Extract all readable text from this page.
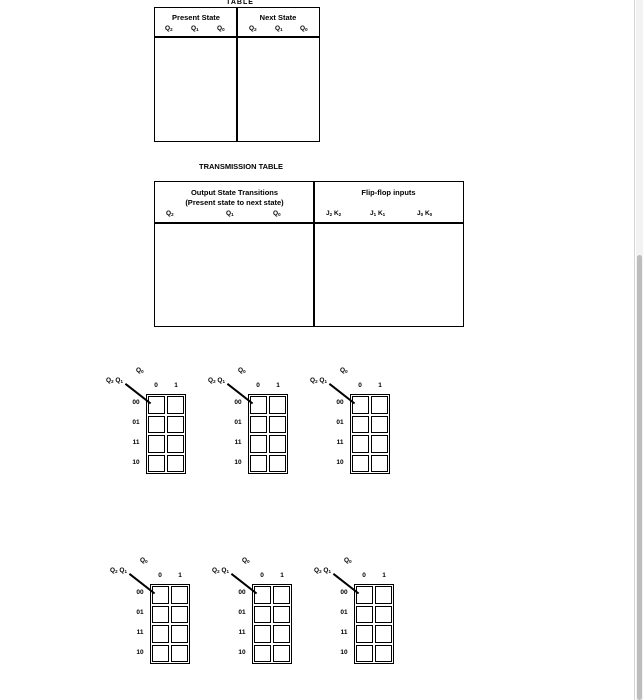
TABLE
Present State	Next State
$Q_2$	$Q_1$	$Q_0$	$Q_2$	$Q_1$	$Q_0$
TRANSMISSION TABLE
Output State Transitions
(Present state to next state)
$Q_2$	$Q_1$	$Q_0$
Flip-flop inputs
$J_2$ $K_2$	$J_1$ $K_1$	$J_0$ $K_0$
$Q_0$
$Q_2$ $Q_1$
0	1
00
01
11
10
$Q_0$
$Q_2$ $Q_1$
0	1
00
01
11
10
$Q_0$
$Q_2$ $Q_1$
0	1
00
01
11
10
$Q_0$
$Q_2$ $Q_1$
0	1
00
01
11
10
$Q_0$
$Q_2$ $Q_1$
0	1
00
01
11
10
$Q_0$
$Q_2$ $Q_1$
0	1
00
01
11
10
